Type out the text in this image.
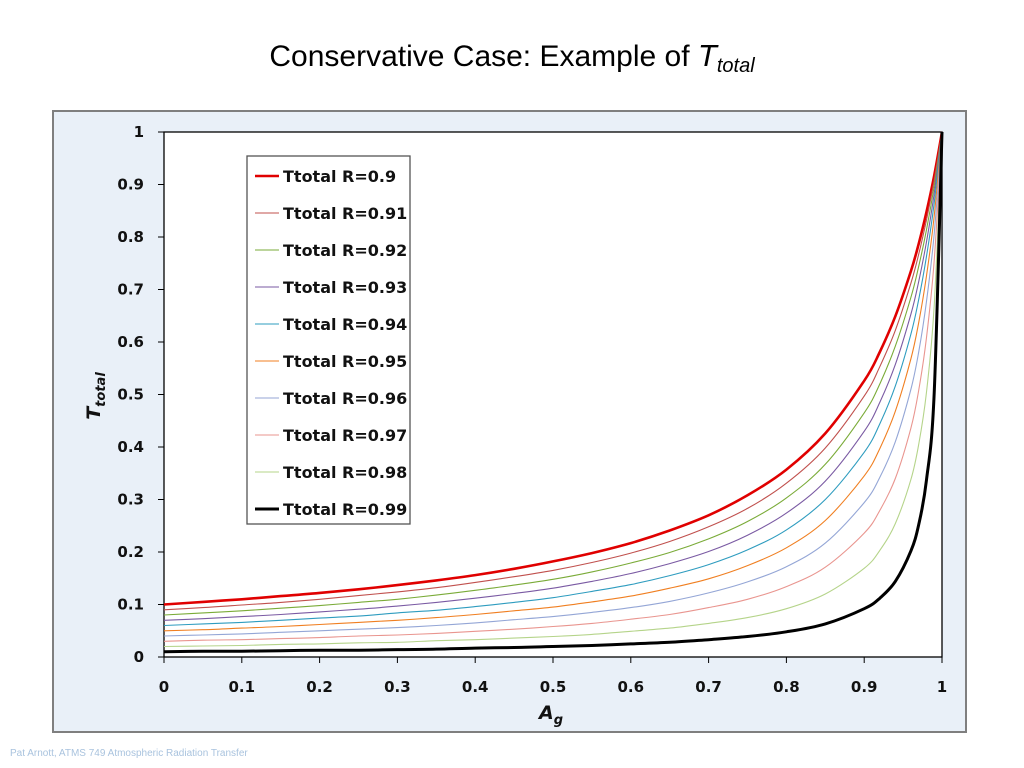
Conservative Case: Example of $T_{total}$
0
0.1
0.2
0.3
0.4
0.5
0.6
0.7
0.8
0.9
1
0	0.1	0.2	0.3	0.4	0.5	0.6	0.7	0.8	0.9	1
Ttotal R=0.9
Ttotal R=0.91
Ttotal R=0.92
Ttotal R=0.93
Ttotal R=0.94
Ttotal R=0.95
Ttotal R=0.96
Ttotal R=0.97
Ttotal R=0.98
Ttotal R=0.99
$A_g$
$T_{total}$
Pat Arnott, ATMS 749 Atmospheric Radiation Transfer
